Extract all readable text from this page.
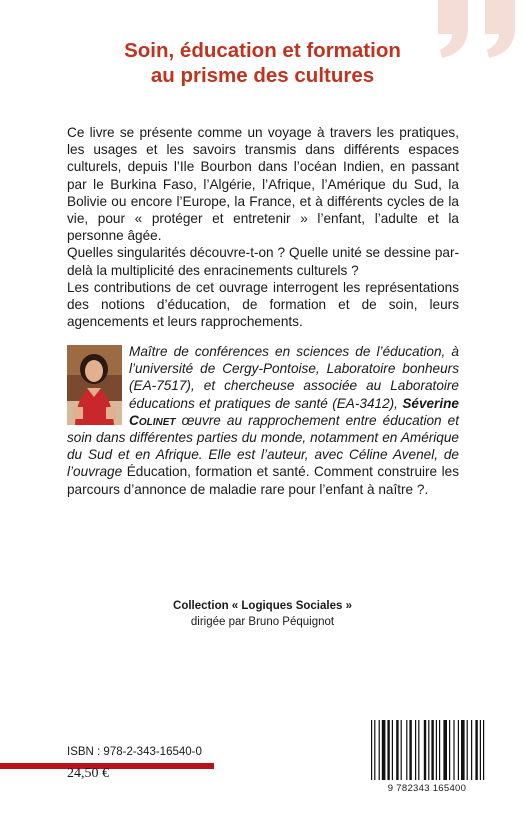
Soin, éducation et formation
au prisme des cultures

Ce livre se présente comme un voyage à travers les pratiques, les usages et les savoirs transmis dans différents espaces culturels, depuis l’Ile Bourbon dans l’océan Indien, en passant par le Burkina Faso, l’Algérie, l’Afrique, l’Amérique du Sud, la Bolivie ou encore l’Europe, la France, et à différents cycles de la vie, pour « protéger et entretenir » l’enfant, l’adulte et la personne âgée.

Quelles singularités découvre-t-on ? Quelle unité se dessine par-delà la multiplicité des enracinements culturels ?

Les contributions de cet ouvrage interrogent les représentations des notions d’éducation, de formation et de soin, leurs agencements et leurs rapprochements.

Maître de conférences en sciences de l’éducation, à l’université de Cergy-Pontoise, Laboratoire bonheurs (EA-7517), et chercheuse associée au Laboratoire éducations et pratiques de santé (EA-3412), Séverine Colinet œuvre au rapprochement entre éducation et soin dans différentes parties du monde, notamment en Amérique du Sud et en Afrique. Elle est l’auteur, avec Céline Avenel, de l’ouvrage Éducation, formation et santé. Comment construire les parcours d’annonce de maladie rare pour l’enfant à naître ?.
Collection « Logiques Sociales »
dirigée par Bruno Péquignot
ISBN : 978-2-343-16540-0
24,50 €
9 782343 165400
